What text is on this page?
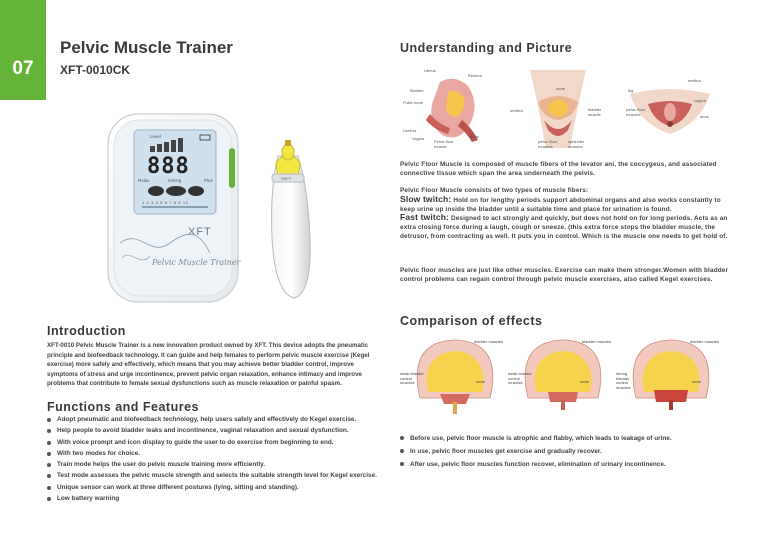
07
Pelvic Muscle Trainer
XFT-0010CK
Level
888
Relax	Plus
mmHg
1 2 3 4 5 6 7 8 9 10
XFT
Pelvic Muscle Trainer
SXFT
Understanding and Picture
Uterus
Rectum
Bladder
Pubic bone
Urethra
Vagina
Pelvic floor muscle
Anus
urine
urethra	bladder muscle
pelvic floor muscles
sphincter muscles
urethra
leg
vagina
pelvic floor muscles	anus
Pelvic Floor Muscle is composed of muscle fibers of the levator ani, the coccygeus, and associated connective tissue which span the area underneath the pelvis.
Pelvic Floor Muscle consists of two types of muscle fibers:
Slow twitch: Hold on for lengthy periods support abdominal organs and also works constantly to keep urine up inside the bladder until a suitable time and place for urination is found.
Fast twitch: Designed to act strongly and quickly, but does not hold on for long periods. Acts as an extra closing force during a laugh, cough or sneeze. (this extra force stops the bladder muscle, the detrusor, from contracting as well. It puts you in control. Which is the muscle one needs to get hold of.
Pelvic floor muscles are just like other muscles. Exercise can make them stronger.Women with bladder control problems can regain control through pelvic muscle exercises, also called Kegel exercises.
Introduction
XFT-0010 Pelvic Muscle Trainer is a new innovation product owned by XFT. This device adopts the pneumatic principle and biofeedback technology. It can guide and help females to perform pelvic muscle exercise (Kegel exercise) more safely and effectively, which means that you may achieve better bladder control, improve symptoms of stress and urge incontinence, prevent pelvic organ relaxation, enhance intimacy and improve problems that contribute to female sexual dysfunctions such as muscle relaxation or painful spasm.
Functions and Features
Adopt pneumatic and biofeedback technology, help users safely and effectively do Kegel exercise.
Help people to avoid bladder leaks and incontinence, vaginal relaxation and sexual dysfunction.
With voice prompt and icon display to guide the user to do exercise from beginning to end.
With two modes for choice.
Train mode helps the user do pelvic muscle training more efficiently.
Test mode assesses the pelvic muscle strength and selects the suitable strength level for Kegel exercise.
Unique sensor can work at three different postures (lying, sitting and standing).
Low battery warning
Comparison of effects
bladder muscles
weak bladder control muscles	urine
bladder muscles
weak bladder control muscles	urine
bladder muscles
strong bladder control muscles
urine
Before use, pelvic floor muscle is atrophic and flabby, which leads to leakage of urine.
In use, pelvic floor muscles get exercise and gradually recover.
After use, pelvic floor muscles function recover, elimination of urinary incontinence.
